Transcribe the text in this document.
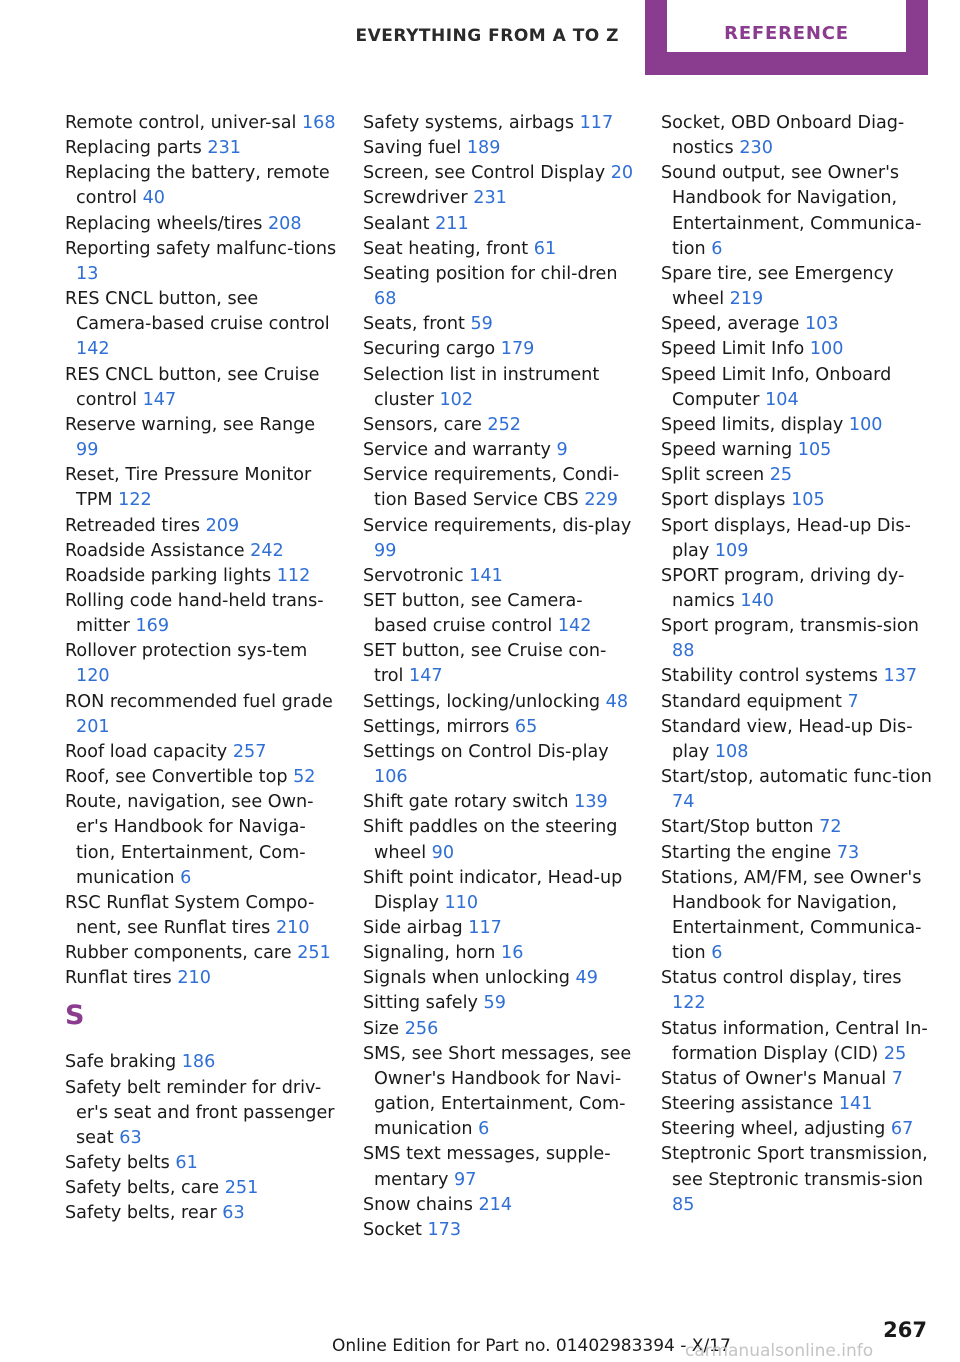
EVERYTHING FROM A TO Z	REFERENCE
Remote control, univer-sal 168
Replacing parts 231
Replacing the battery, remote control 40
Replacing wheels/tires 208
Reporting safety malfunc-tions 13
RES CNCL button, see Camera-based cruise control 142
RES CNCL button, see Cruise control 147
Reserve warning, see Range 99
Reset, Tire Pressure Monitor TPM 122
Retreaded tires 209
Roadside Assistance 242
Roadside parking lights 112
Rolling code hand-held trans-mitter 169
Rollover protection sys-tem 120
RON recommended fuel grade 201
Roof load capacity 257
Roof, see Convertible top 52
Route, navigation, see Own-er's Handbook for Naviga-tion, Entertainment, Com-munication 6
RSC Runflat System Compo-nent, see Runflat tires 210
Rubber components, care 251
Runflat tires 210
S
Safe braking 186
Safety belt reminder for driv-er's seat and front passenger seat 63
Safety belts 61
Safety belts, care 251
Safety belts, rear 63
Safety systems, airbags 117
Saving fuel 189
Screen, see Control Display 20
Screwdriver 231
Sealant 211
Seat heating, front 61
Seating position for chil-dren 68
Seats, front 59
Securing cargo 179
Selection list in instrument cluster 102
Sensors, care 252
Service and warranty 9
Service requirements, Condi-tion Based Service CBS 229
Service requirements, dis-play 99
Servotronic 141
SET button, see Camera-based cruise control 142
SET button, see Cruise con-trol 147
Settings, locking/unlocking 48
Settings, mirrors 65
Settings on Control Dis-play 106
Shift gate rotary switch 139
Shift paddles on the steering wheel 90
Shift point indicator, Head-up Display 110
Side airbag 117
Signaling, horn 16
Signals when unlocking 49
Sitting safely 59
Size 256
SMS, see Short messages, see Owner's Handbook for Navi-gation, Entertainment, Com-munication 6
SMS text messages, supple-mentary 97
Snow chains 214
Socket 173
Socket, OBD Onboard Diag-nostics 230
Sound output, see Owner's Handbook for Navigation, Entertainment, Communica-tion 6
Spare tire, see Emergency wheel 219
Speed, average 103
Speed Limit Info 100
Speed Limit Info, Onboard Computer 104
Speed limits, display 100
Speed warning 105
Split screen 25
Sport displays 105
Sport displays, Head-up Dis-play 109
SPORT program, driving dy-namics 140
Sport program, transmis-sion 88
Stability control systems 137
Standard equipment 7
Standard view, Head-up Dis-play 108
Start/stop, automatic func-tion 74
Start/Stop button 72
Starting the engine 73
Stations, AM/FM, see Owner's Handbook for Navigation, Entertainment, Communica-tion 6
Status control display, tires 122
Status information, Central In-formation Display (CID) 25
Status of Owner's Manual 7
Steering assistance 141
Steering wheel, adjusting 67
Steptronic Sport transmission, see Steptronic transmis-sion 85
267
Online Edition for Part no. 01402983394 - X/17
carmanualsonline.info
